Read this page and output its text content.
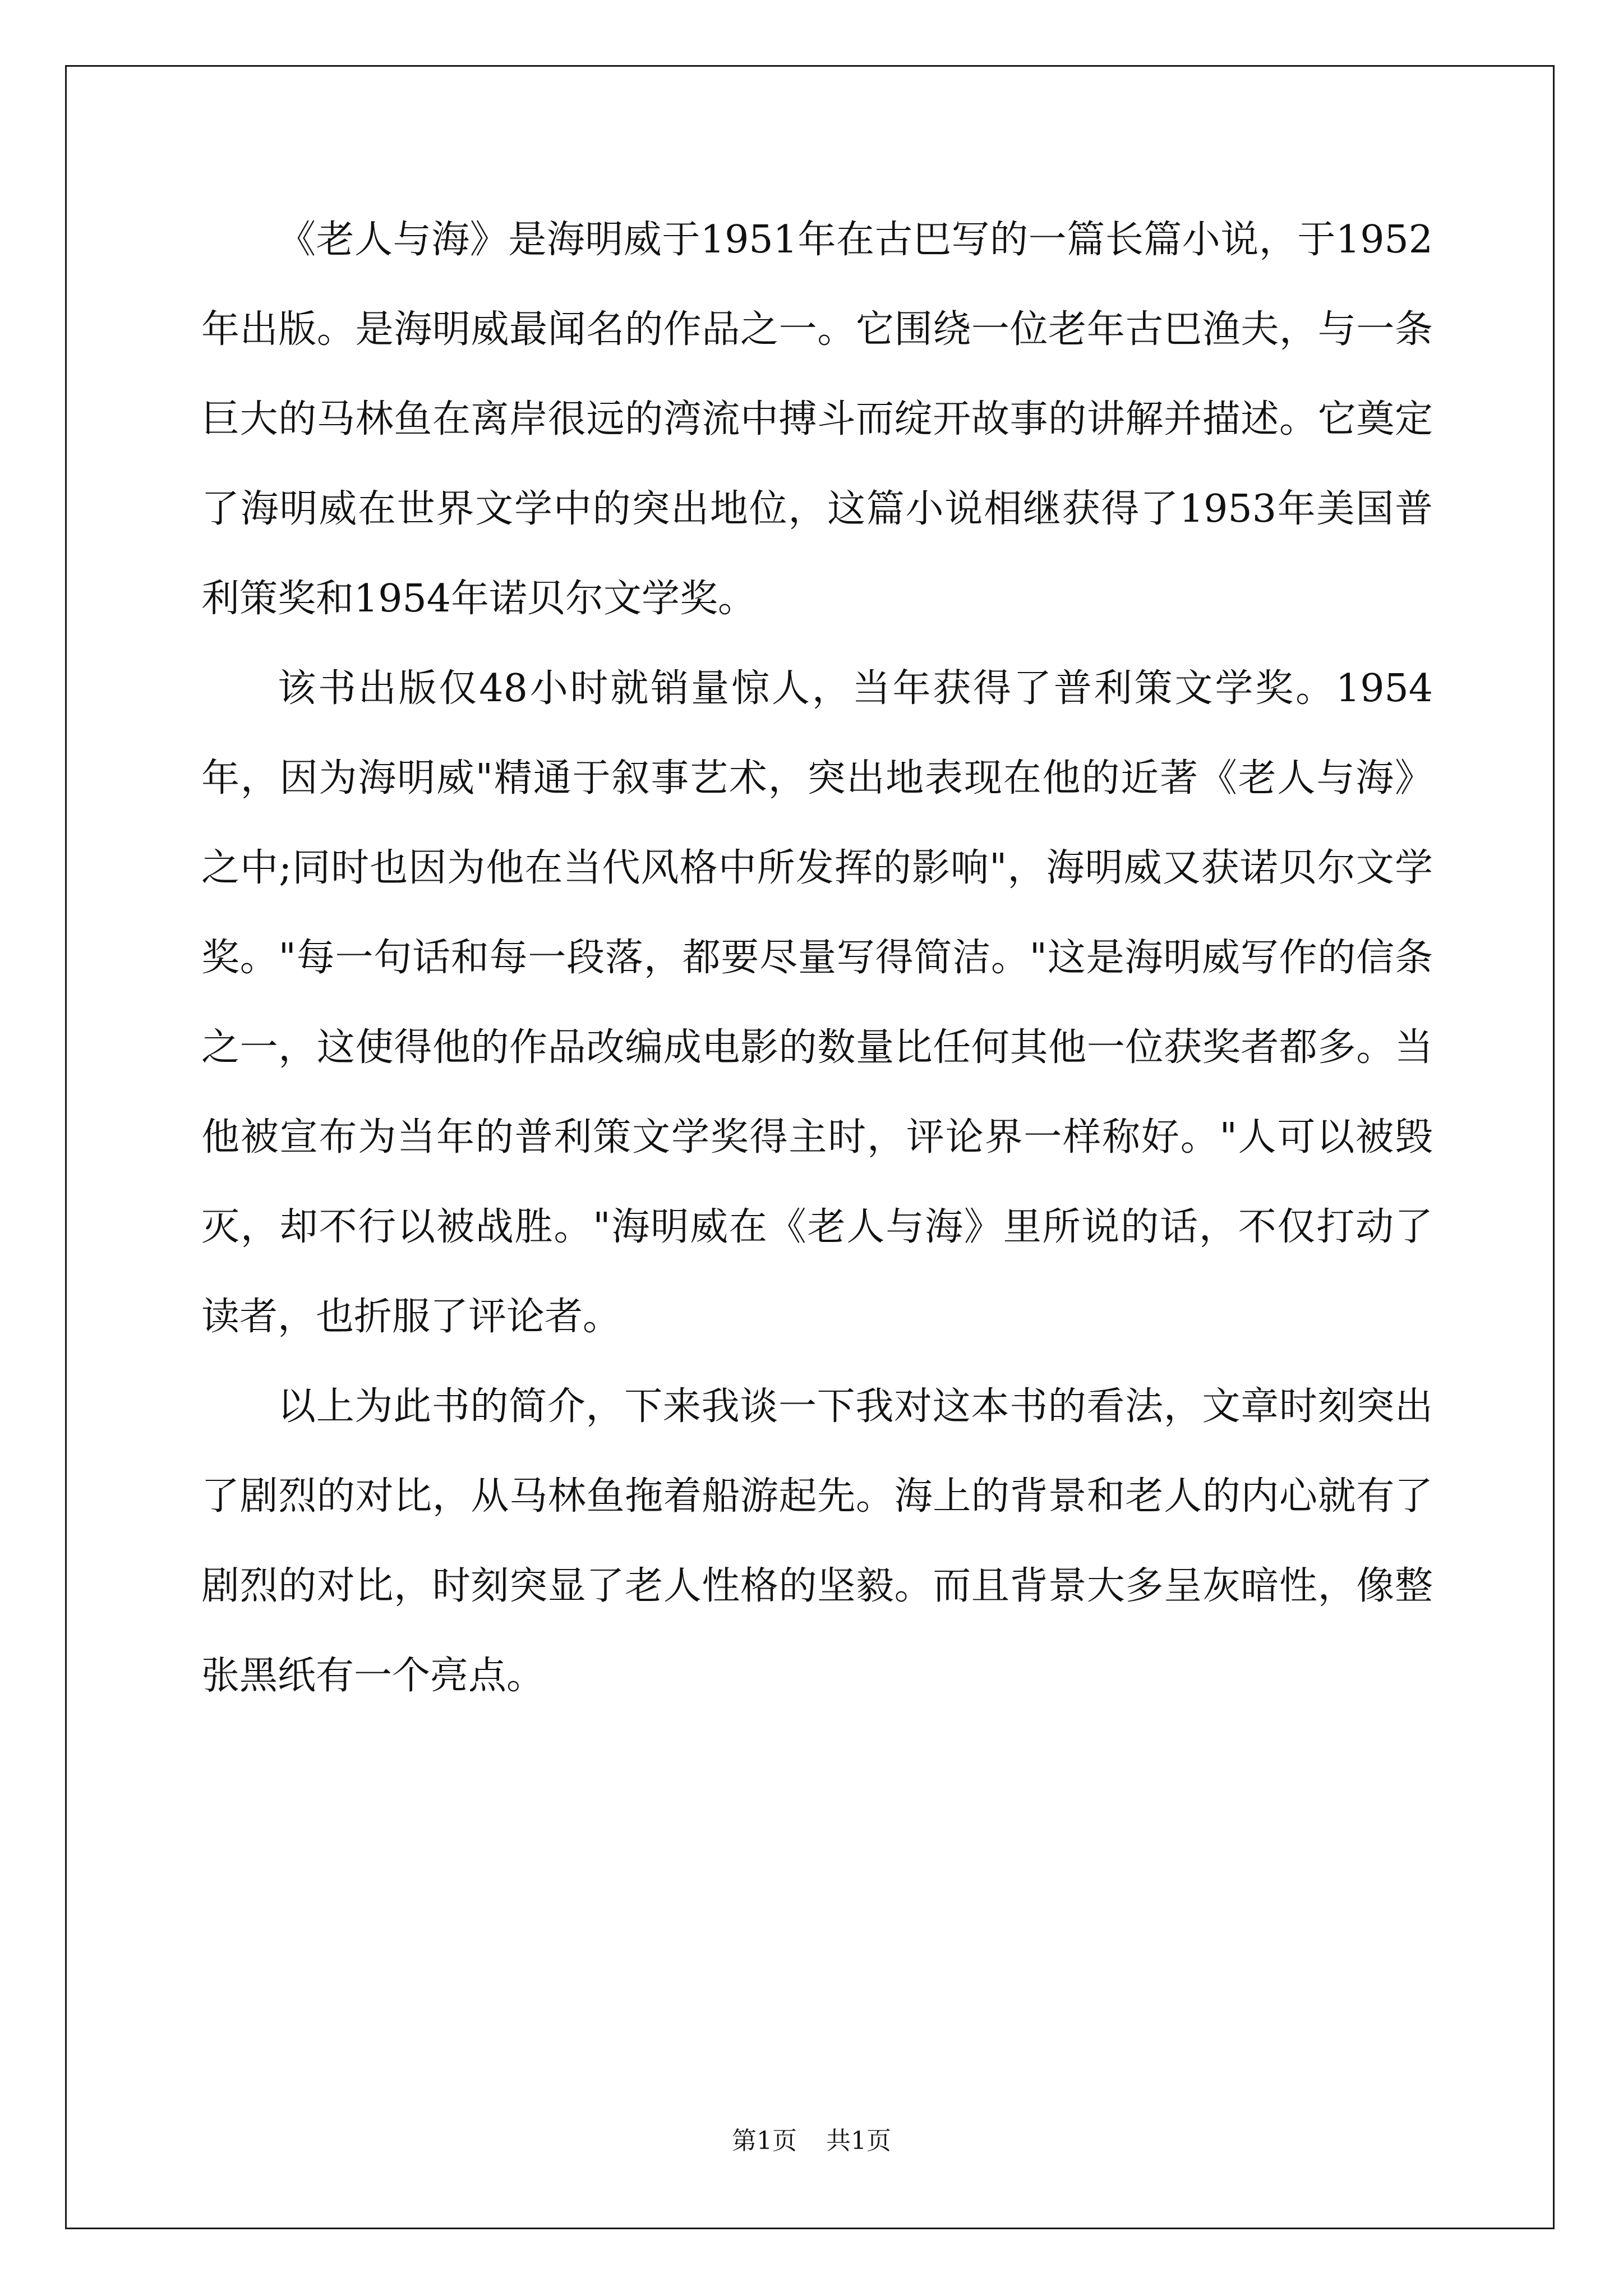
《老人与海》是海明威于1951年在古巴写的一篇长篇小说，于1952年出版。是海明威最闻名的作品之一。它围绕一位老年古巴渔夫，与一条巨大的马林鱼在离岸很远的湾流中搏斗而绽开故事的讲解并描述。它奠定了海明威在世界文学中的突出地位，这篇小说相继获得了1953年美国普利策奖和1954年诺贝尔文学奖。

该书出版仅48小时就销量惊人，当年获得了普利策文学奖。1954年，因为海明威"精通于叙事艺术，突出地表现在他的近著《老人与海》之中;同时也因为他在当代风格中所发挥的影响"，海明威又获诺贝尔文学奖。"每一句话和每一段落，都要尽量写得简洁。"这是海明威写作的信条之一，这使得他的作品改编成电影的数量比任何其他一位获奖者都多。当他被宣布为当年的普利策文学奖得主时，评论界一样称好。"人可以被毁灭，却不行以被战胜。"海明威在《老人与海》里所说的话，不仅打动了读者，也折服了评论者。

以上为此书的简介，下来我谈一下我对这本书的看法，文章时刻突出了剧烈的对比，从马林鱼拖着船游起先。海上的背景和老人的内心就有了剧烈的对比，时刻突显了老人性格的坚毅。而且背景大多呈灰暗性，像整张黑纸有一个亮点。

第1页 共1页
